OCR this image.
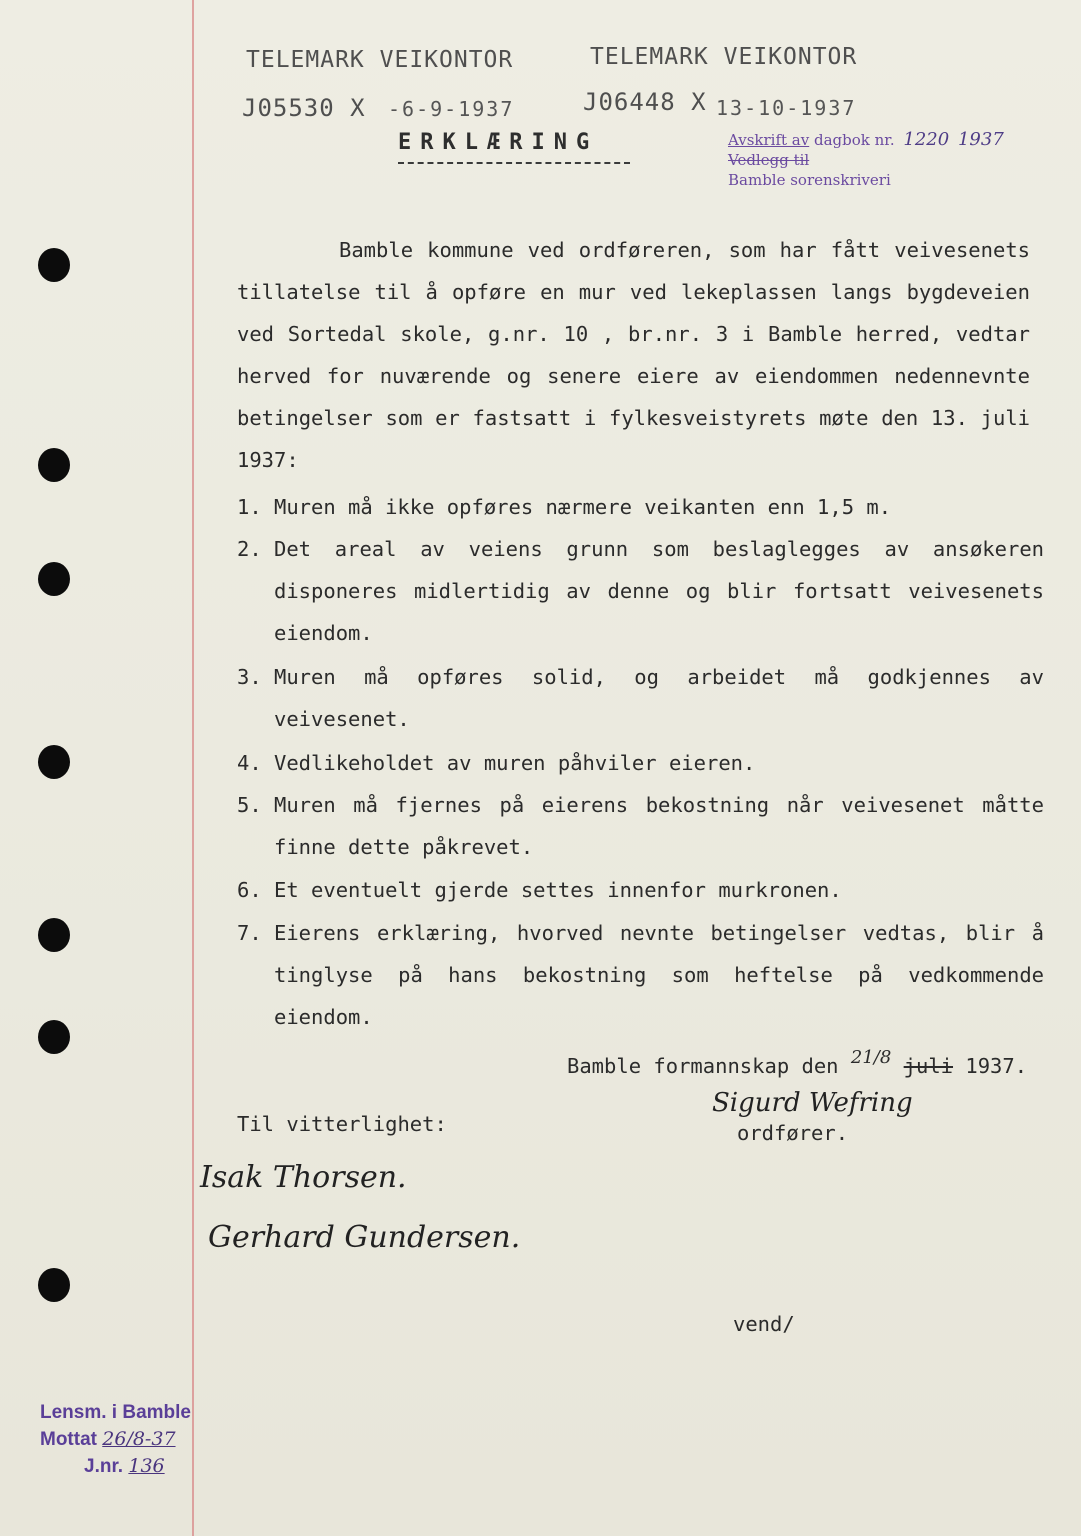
TELEMARK VEIKONTOR
J05530 X -6-9-1937
TELEMARK VEIKONTOR
J06448 X 13-10-1937
ERKLÆRING	Avskrift av dagbok nr. 1220 1937
Vedlegg til
Bamble sorenskriveri
Bamble kommune ved ordføreren, som har fått veivesenets tillatelse til å opføre en mur ved lekeplassen langs bygdeveien ved Sortedal skole, g.nr. 10 , br.nr. 3 i Bamble herred, vedtar herved for nuværende og senere eiere av eiendommen nedennevnte betingelser som er fastsatt i fylkesveistyrets møte den 13. juli 1937:
1. Muren må ikke opføres nærmere veikanten enn 1,5 m.
2. Det areal av veiens grunn som beslaglegges av ansøkeren disponeres midlertidig av denne og blir fortsatt veivesenets eiendom.
3. Muren må opføres solid, og arbeidet må godkjennes av veivesenet.
4. Vedlikeholdet av muren påhviler eieren.
5. Muren må fjernes på eierens bekostning når veivesenet måtte finne dette påkrevet.
6. Et eventuelt gjerde settes innenfor murkronen.
7. Eierens erklæring, hvorved nevnte betingelser vedtas, blir å tinglyse på hans bekostning som heftelse på vedkommende eiendom.
Bamble formannskap den 21/8 juli 1937.
Sigurd Wefring
ordfører.
Til vitterlighet:
Isak Thorsen.
Gerhard Gundersen.
vend/
Lensm. i Bamble
Mottat 26/8-37
J.nr. 136
